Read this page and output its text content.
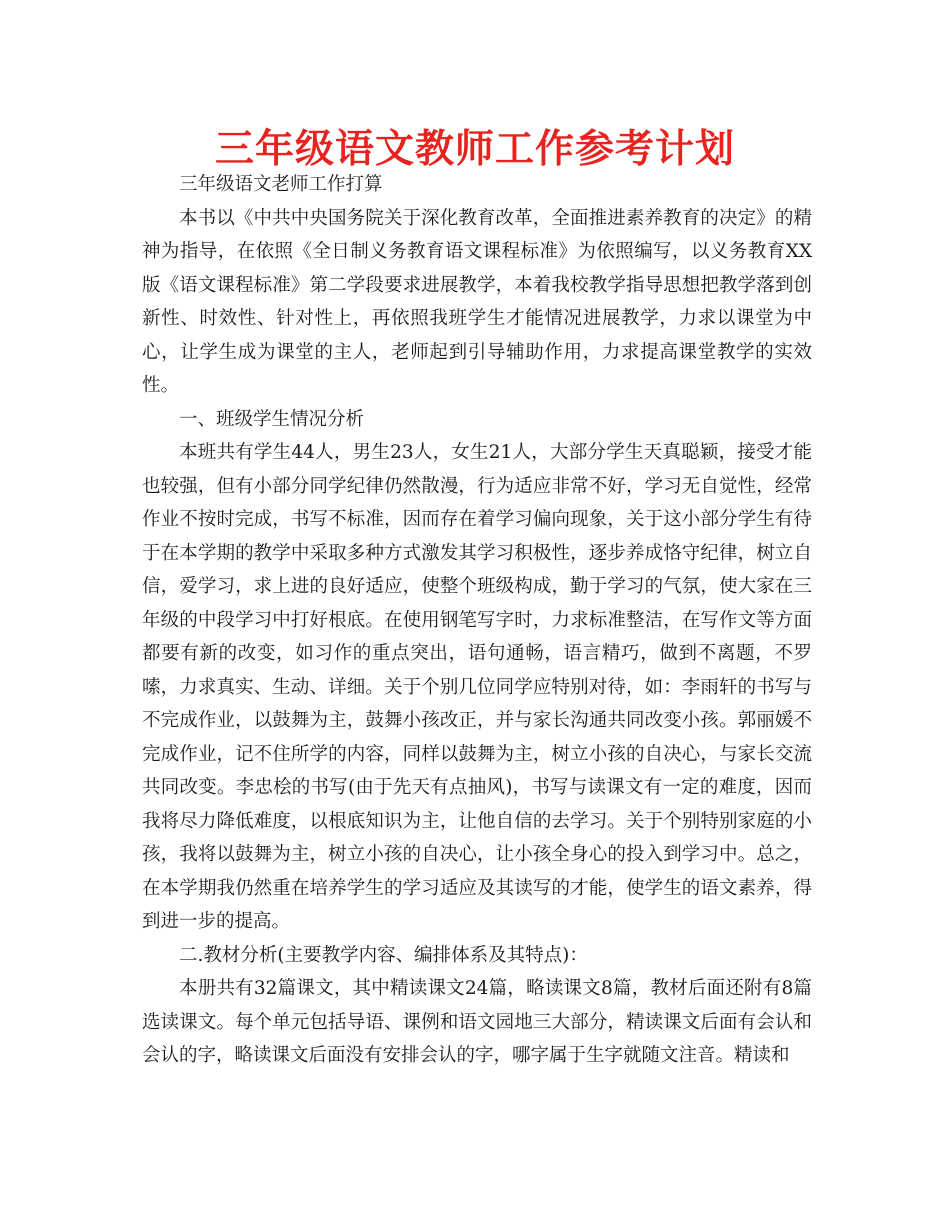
三年级语文教师工作参考计划

三年级语文老师工作打算

本书以《中共中央国务院关于深化教育改革，全面推进素养教育的决定》的精神为指导，在依照《全日制义务教育语文课程标准》为依照编写，以义务教育XX版《语文课程标准》第二学段要求进展教学，本着我校教学指导思想把教学落到创新性、时效性、针对性上，再依照我班学生才能情况进展教学，力求以课堂为中心，让学生成为课堂的主人，老师起到引导辅助作用，力求提高课堂教学的实效性。

一、班级学生情况分析

本班共有学生44人，男生23人，女生21人，大部分学生天真聪颖，接受才能也较强，但有小部分同学纪律仍然散漫，行为适应非常不好，学习无自觉性，经常作业不按时完成，书写不标准，因而存在着学习偏向现象，关于这小部分学生有待于在本学期的教学中采取多种方式激发其学习积极性，逐步养成恪守纪律，树立自信，爱学习，求上进的良好适应，使整个班级构成，勤于学习的气氛，使大家在三年级的中段学习中打好根底。在使用钢笔写字时，力求标准整洁，在写作文等方面都要有新的改变，如习作的重点突出，语句通畅，语言精巧，做到不离题，不罗嗦，力求真实、生动、详细。关于个别几位同学应特别对待，如：李雨轩的书写与不完成作业，以鼓舞为主，鼓舞小孩改正，并与家长沟通共同改变小孩。郭丽媛不完成作业，记不住所学的内容，同样以鼓舞为主，树立小孩的自决心，与家长交流共同改变。李忠桧的书写(由于先天有点抽风)，书写与读课文有一定的难度，因而我将尽力降低难度，以根底知识为主，让他自信的去学习。关于个别特别家庭的小孩，我将以鼓舞为主，树立小孩的自决心，让小孩全身心的投入到学习中。总之，在本学期我仍然重在培养学生的学习适应及其读写的才能，使学生的语文素养，得到进一步的提高。

二.教材分析(主要教学内容、编排体系及其特点)：

本册共有32篇课文，其中精读课文24篇，略读课文8篇，教材后面还附有8篇选读课文。每个单元包括导语、课例和语文园地三大部分，精读课文后面有会认和会认的字，略读课文后面没有安排会认的字，哪字属于生字就随文注音。精读和
